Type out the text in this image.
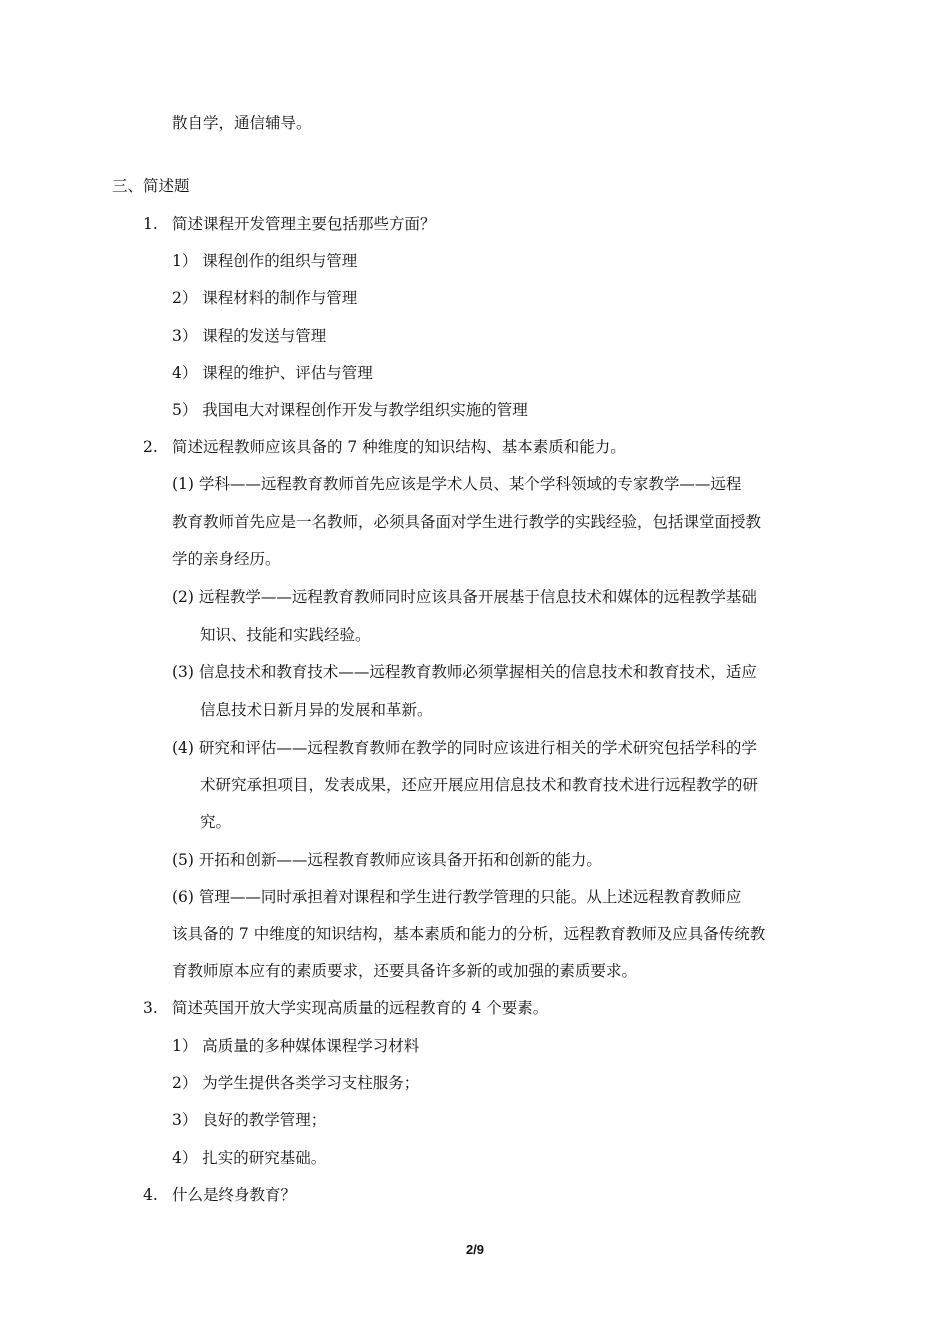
散自学，通信辅导。
三、简述题
1. 简述课程开发管理主要包括那些方面？
1） 课程创作的组织与管理
2） 课程材料的制作与管理
3） 课程的发送与管理
4） 课程的维护、评估与管理
5） 我国电大对课程创作开发与教学组织实施的管理
2. 简述远程教师应该具备的 7 种维度的知识结构、基本素质和能力。
(1) 学科——远程教育教师首先应该是学术人员、某个学科领域的专家教学——远程
教育教师首先应是一名教师，必须具备面对学生进行教学的实践经验，包括课堂面授教
学的亲身经历。
(2) 远程教学——远程教育教师同时应该具备开展基于信息技术和媒体的远程教学基础
知识、技能和实践经验。
(3) 信息技术和教育技术——远程教育教师必须掌握相关的信息技术和教育技术，适应
信息技术日新月异的发展和革新。
(4) 研究和评估——远程教育教师在教学的同时应该进行相关的学术研究包括学科的学
术研究承担项目，发表成果，还应开展应用信息技术和教育技术进行远程教学的研
究。
(5) 开拓和创新——远程教育教师应该具备开拓和创新的能力。
(6) 管理——同时承担着对课程和学生进行教学管理的只能。从上述远程教育教师应
该具备的 7 中维度的知识结构，基本素质和能力的分析，远程教育教师及应具备传统教
育教师原本应有的素质要求，还要具备许多新的或加强的素质要求。
3. 简述英国开放大学实现高质量的远程教育的 4 个要素。
1） 高质量的多种媒体课程学习材料
2） 为学生提供各类学习支柱服务；
3） 良好的教学管理；
4） 扎实的研究基础。
4. 什么是终身教育？
2/9
